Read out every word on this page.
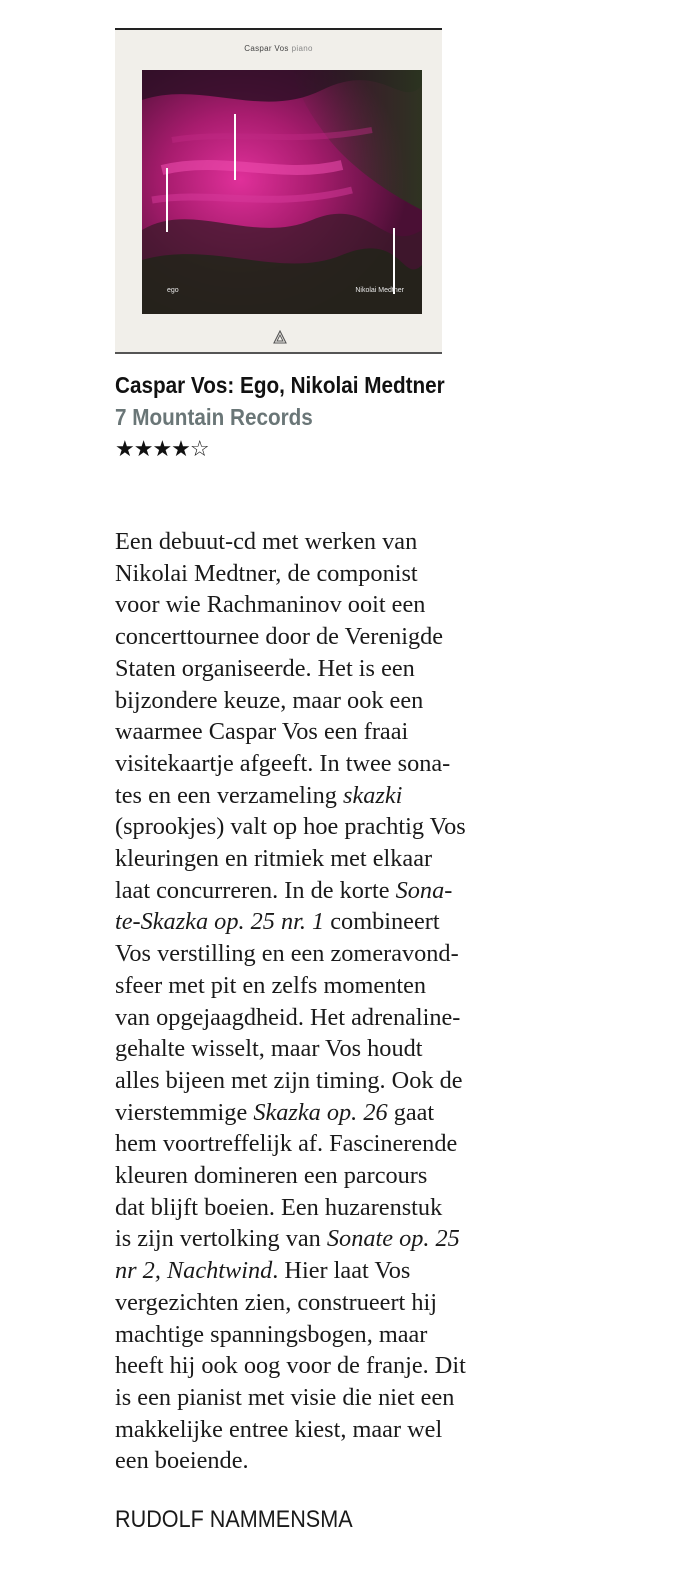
Caspar Vos piano
ego	Nikolai Medtner
Caspar Vos: Ego, Nikolai Medtner
7 Mountain Records
★★★★☆

Een debuut-cd met werken van
Nikolai Medtner, de componist
voor wie Rachmaninov ooit een
concerttournee door de Verenigde
Staten organiseerde. Het is een
bijzondere keuze, maar ook een
waarmee Caspar Vos een fraai
visitekaartje afgeeft. In twee sona-
tes en een verzameling skazki
(sprookjes) valt op hoe prachtig Vos
kleuringen en ritmiek met elkaar
laat concurreren. In de korte Sona-
te-Skazka op. 25 nr. 1 combineert
Vos verstilling en een zomeravond-
sfeer met pit en zelfs momenten
van opgejaagdheid. Het adrenaline-
gehalte wisselt, maar Vos houdt
alles bijeen met zijn timing. Ook de
vierstemmige Skazka op. 26 gaat
hem voortreffelijk af. Fascinerende
kleuren domineren een parcours
dat blijft boeien. Een huzarenstuk
is zijn vertolking van Sonate op. 25
nr 2, Nachtwind. Hier laat Vos
vergezichten zien, construeert hij
machtige spanningsbogen, maar
heeft hij ook oog voor de franje. Dit
is een pianist met visie die niet een
makkelijke entree kiest, maar wel
een boeiende.

RUDOLF NAMMENSMA
